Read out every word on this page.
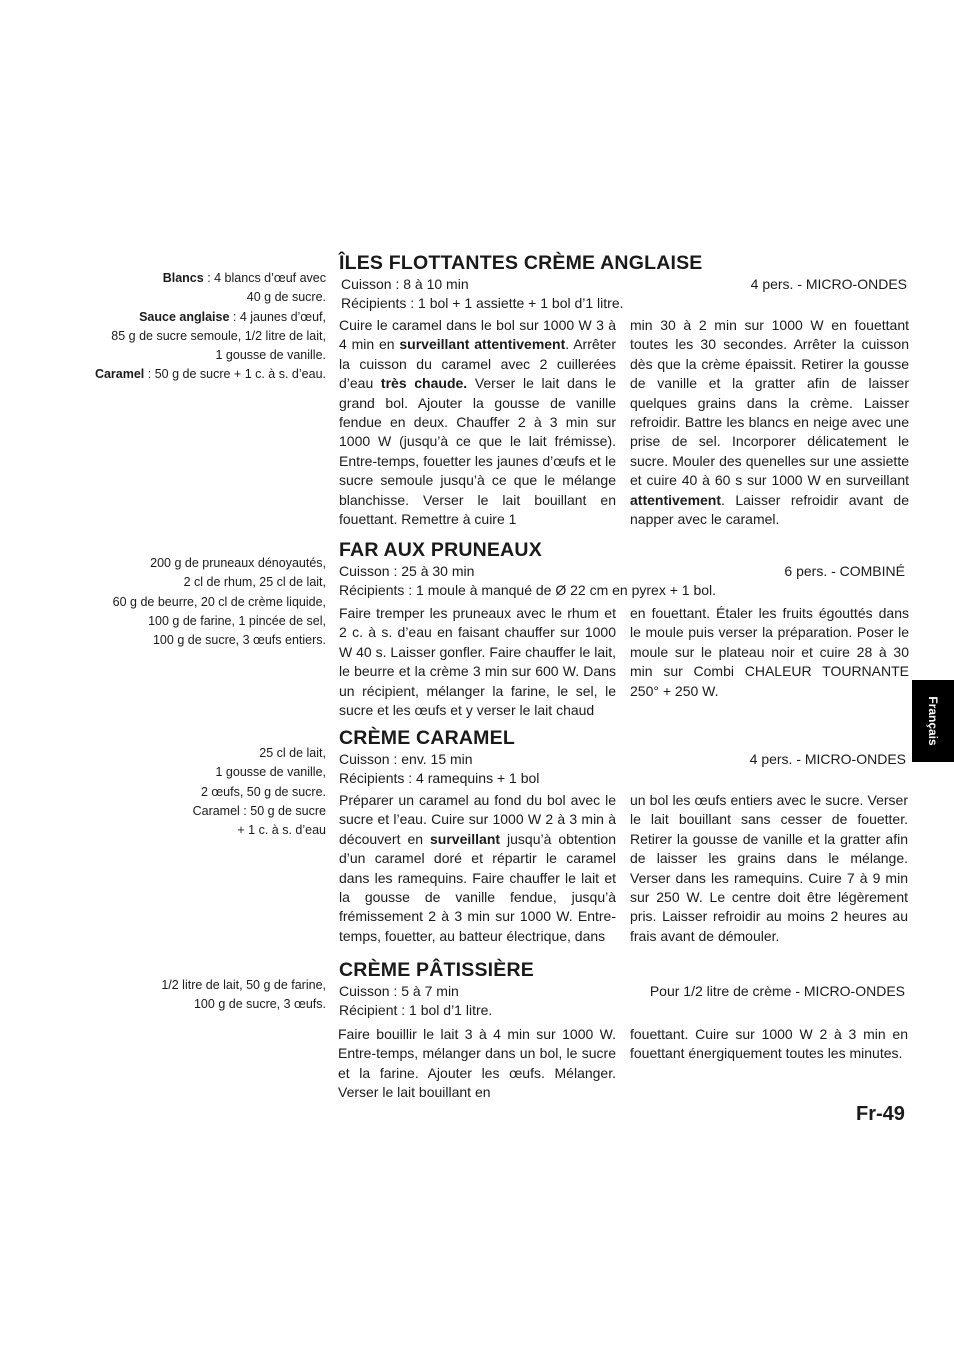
Blancs : 4 blancs d’œuf avec
40 g de sucre.
Sauce anglaise : 4 jaunes d’œuf,
85 g de sucre semoule, 1/2 litre de lait,
1 gousse de vanille.
Caramel : 50 g de sucre + 1 c. à s. d’eau.
ÎLES FLOTTANTES CRÈME ANGLAISE
Cuisson : 8 à 10 min	4 pers. - MICRO-ONDES
Récipients : 1 bol + 1 assiette + 1 bol d’1 litre.

Cuire le caramel dans le bol sur 1000 W 3 à 4 min en surveillant attentivement. Arrêter la cuisson du caramel avec 2 cuillerées d’eau très chaude. Verser le lait dans le grand bol. Ajouter la gousse de vanille fendue en deux. Chauffer 2 à 3 min sur 1000 W (jusqu’à ce que le lait frémisse). Entre-temps, fouetter les jaunes d’œufs et le sucre semoule jusqu’à ce que le mélange blanchisse. Verser le lait bouillant en fouettant. Remettre à cuire 1

min 30 à 2 min sur 1000 W en fouettant toutes les 30 secondes. Arrêter la cuisson dès que la crème épaissit. Retirer la gousse de vanille et la gratter afin de laisser quelques grains dans la crème. Laisser refroidir. Battre les blancs en neige avec une prise de sel. Incorporer délicatement le sucre. Mouler des quenelles sur une assiette et cuire 40 à 60 s sur 1000 W en surveillant attentivement. Laisser refroidir avant de napper avec le caramel.

200 g de pruneaux dénoyautés,
2 cl de rhum, 25 cl de lait,
60 g de beurre, 20 cl de crème liquide,
100 g de farine, 1 pincée de sel,
100 g de sucre, 3 œufs entiers.
FAR AUX PRUNEAUX
Cuisson : 25 à 30 min	6 pers. - COMBINÉ
Récipients : 1 moule à manqué de Ø 22 cm en pyrex + 1 bol.

Faire tremper les pruneaux avec le rhum et 2 c. à s. d’eau en faisant chauffer sur 1000 W 40 s. Laisser gonfler. Faire chauffer le lait, le beurre et la crème 3 min sur 600 W. Dans un récipient, mélanger la farine, le sel, le sucre et les œufs et y verser le lait chaud

en fouettant. Étaler les fruits égouttés dans le moule puis verser la préparation. Poser le moule sur le plateau noir et cuire 28 à 30 min sur Combi CHALEUR TOURNANTE 250° + 250 W.

25 cl de lait,
1 gousse de vanille,
2 œufs, 50 g de sucre.
Caramel : 50 g de sucre
+ 1 c. à s. d’eau
CRÈME CARAMEL
Cuisson : env. 15 min	4 pers. - MICRO-ONDES
Récipients : 4 ramequins + 1 bol

Préparer un caramel au fond du bol avec le sucre et l’eau. Cuire sur 1000 W 2 à 3 min à découvert en surveillant jusqu’à obtention d’un caramel doré et répartir le caramel dans les ramequins. Faire chauffer le lait et la gousse de vanille fendue, jusqu’à frémissement 2 à 3 min sur 1000 W. Entre-temps, fouetter, au batteur électrique, dans

un bol les œufs entiers avec le sucre. Verser le lait bouillant sans cesser de fouetter. Retirer la gousse de vanille et la gratter afin de laisser les grains dans le mélange. Verser dans les ramequins. Cuire 7 à 9 min sur 250 W. Le centre doit être légèrement pris. Laisser refroidir au moins 2 heures au frais avant de démouler.

1/2 litre de lait, 50 g de farine,
100 g de sucre, 3 œufs.
CRÈME PÂTISSIÈRE
Cuisson : 5 à 7 min	Pour 1/2 litre de crème - MICRO-ONDES
Récipient : 1 bol d’1 litre.

Faire bouillir le lait 3 à 4 min sur 1000 W. Entre-temps, mélanger dans un bol, le sucre et la farine. Ajouter les œufs. Mélanger. Verser le lait bouillant en

fouettant. Cuire sur 1000 W 2 à 3 min en fouettant énergiquement toutes les minutes.

Français
Fr-49
